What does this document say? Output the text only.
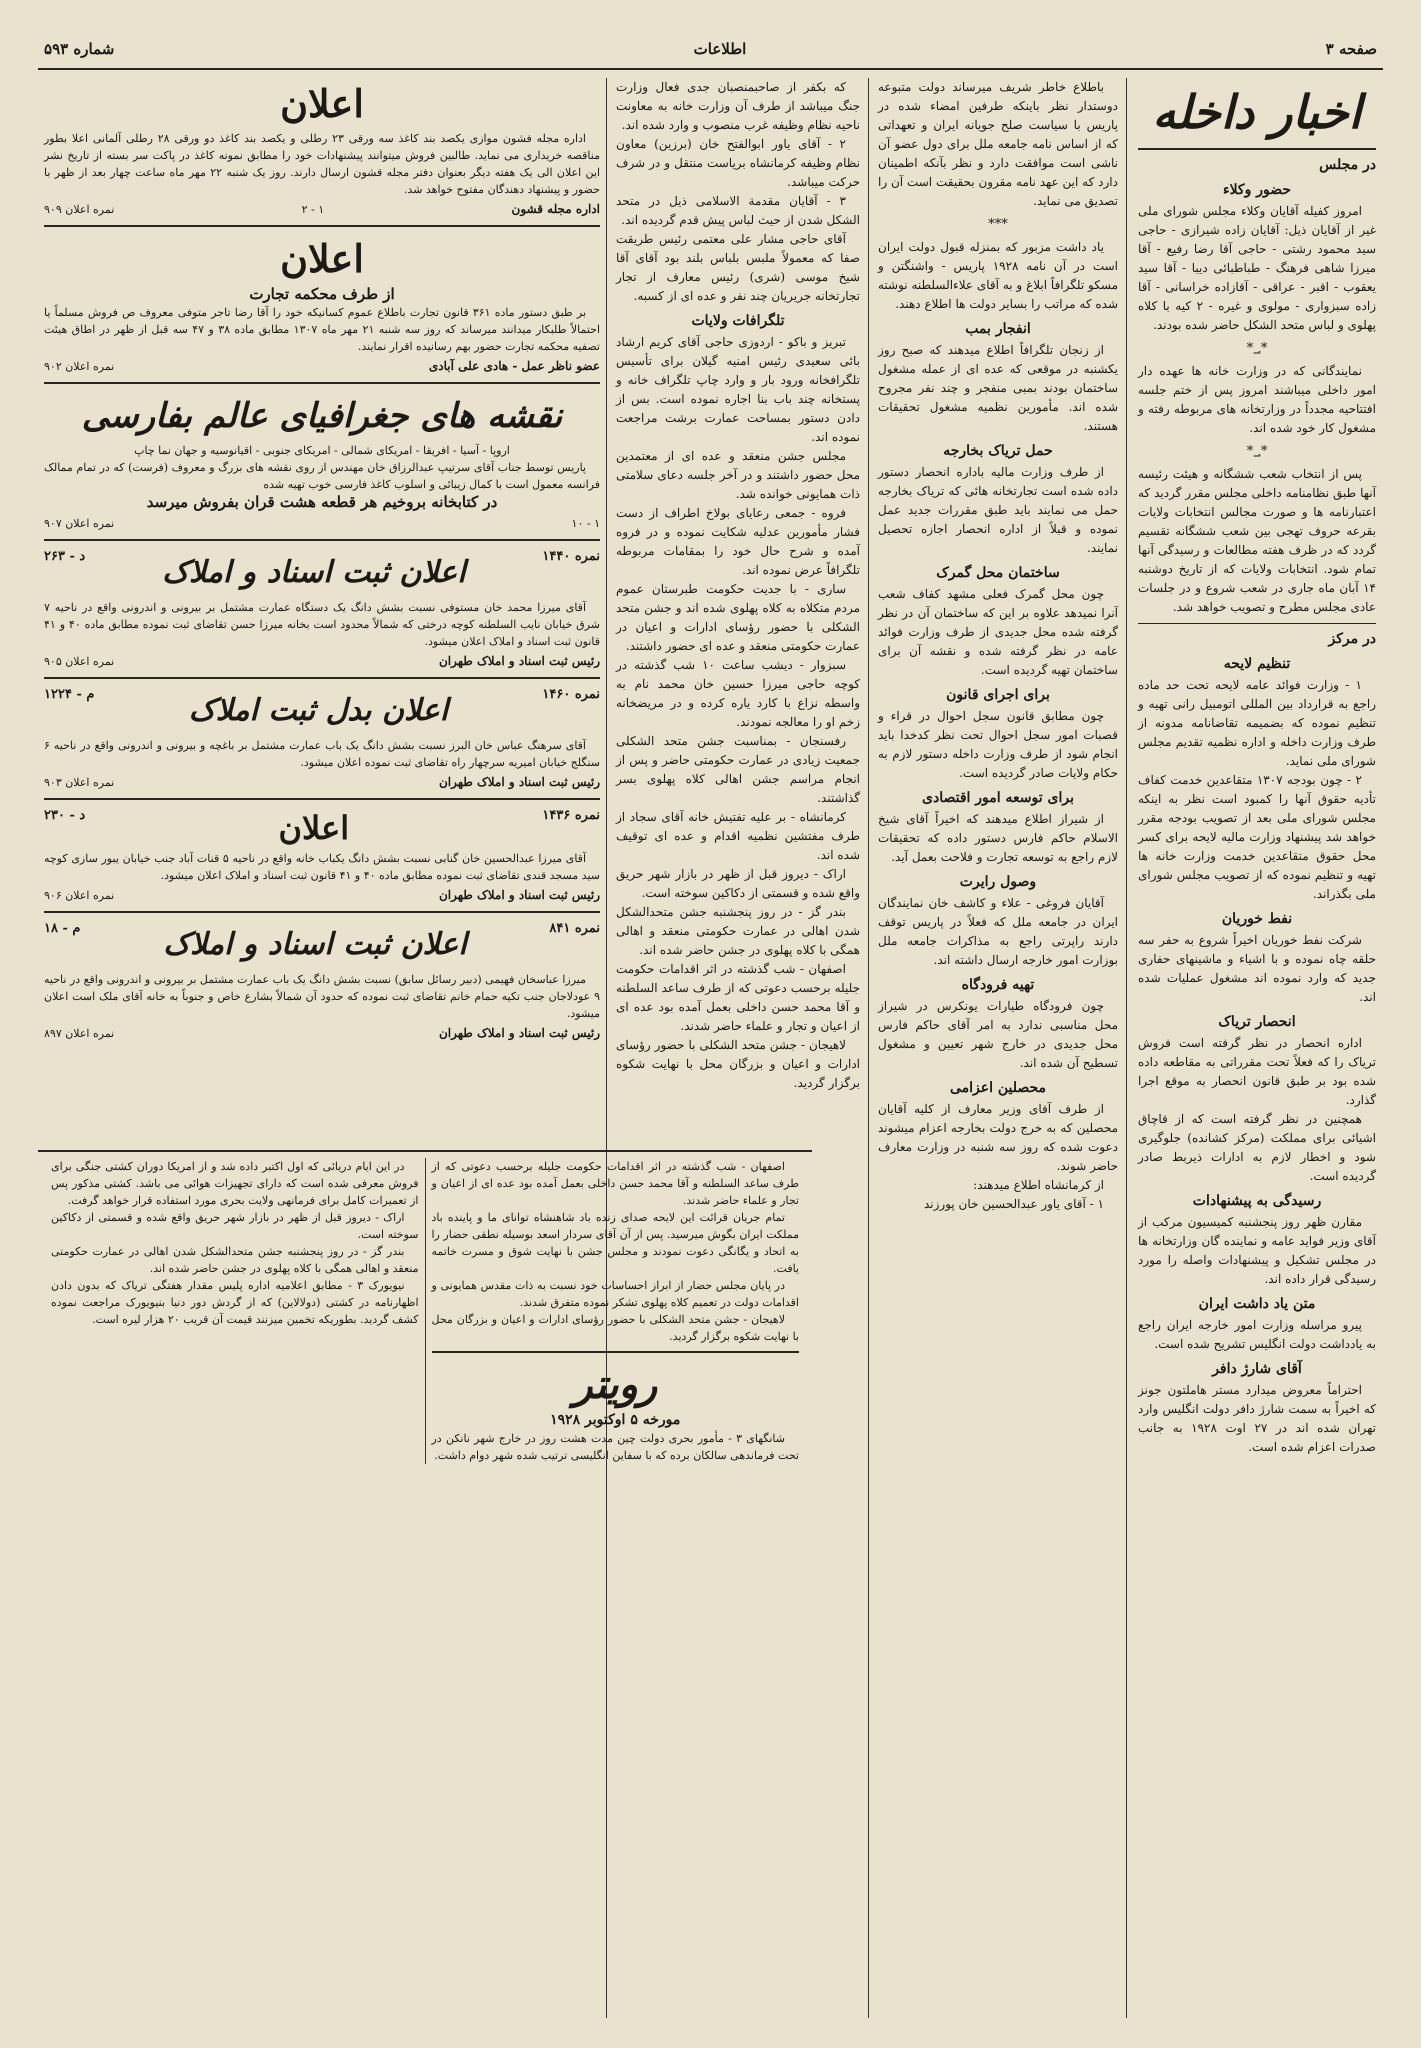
صفحه ۳
اطلاعات
شماره ۵۹۳
اخبار داخله
در مجلس
حضور وکلاء
امروز کفیله آقایان وکلاء مجلس شورای ملی غیر از آقایان ذیل: آقایان زاده شیرازی - حاجی سید محمود رشتی - حاجی آقا رضا رفیع - آقا میرزا شاهی فرهنگ - طباطبائی دیبا - آقا سید یعقوب - اقبر - عراقی - آقازاده خراسانی - آقا زاده سبزواری - مولوی و غیره - ۲ کیه با کلاه پهلوی و لباس متحد الشکل حاضر شده بودند.
*؀*
نمایندگانی که در وزارت خانه ها عهده دار امور داخلی میباشند امروز پس از ختم جلسه افتتاحیه مجدداً در وزارتخانه های مربوطه رفته و مشغول کار خود شده اند.
*؀*
پس از انتخاب شعب ششگانه و هیئت رئیسه آنها طبق نظامنامه داخلی مجلس مقرر گردید که اعتبارنامه ها و صورت مجالس انتخابات ولایات بقرعه حروف تهجی بین شعب ششگانه تقسیم گردد که در ظرف هفته مطالعات و رسیدگی آنها تمام شود. انتخابات ولایات که از تاریخ دوشنبه ۱۴ آبان ماه جاری در شعب شروع و در جلسات عادی مجلس مطرح و تصویب خواهد شد.
در مرکز
تنظیم لایحه
۱ - وزارت فوائد عامه لایحه تحت حد ماده راجع به قرارداد بین المللی اتومبیل رانی تهیه و تنظیم نموده که بضمیمه تقاضانامه مدونه از طرف وزارت داخله و اداره نظمیه تقدیم مجلس شورای ملی نماید.
۲ - چون بودجه ۱۳۰۷ متقاعدین خدمت کفاف تأدیه حقوق آنها را کمبود است نظر به اینکه مجلس شورای ملی بعد از تصویب بودجه مقرر خواهد شد پیشنهاد وزارت مالیه لایحه برای کسر محل حقوق متقاعدین خدمت وزارت خانه ها تهیه و تنظیم نموده که از تصویب مجلس شورای ملی بگذراند.
نفط خوریان
شرکت نفط خوریان اخیراً شروع به حفر سه حلقه چاه نموده و با اشیاء و ماشینهای حفاری جدید که وارد نموده اند مشغول عملیات شده اند.
انحصار تریاک
اداره انحصار در نظر گرفته است فروش تریاک را که فعلاً تحت مقرراتی به مقاطعه داده شده بود بر طبق قانون انحصار به موقع اجرا گذارد.
همچنین در نظر گرفته است که از قاچاق اشیائی برای مملکت (مرکز کشانده) جلوگیری شود و اخطار لازم به ادارات ذیربط صادر گردیده است.
رسیدگی به پیشنهادات
مقارن ظهر روز پنجشنبه کمیسیون مرکب از آقای وزیر فواید عامه و نماینده گان وزارتخانه ها در مجلس تشکیل و پیشنهادات واصله را مورد رسیدگی قرار داده اند.
متن یاد داشت ایران
پیرو مراسله وزارت امور خارجه ایران راجع به یادداشت دولت انگلیس تشریح شده است.
آقای شارژ دافر
احتراماً معروض میدارد مستر هاملتون جونز که اخیراً به سمت شارژ دافر دولت انگلیس وارد تهران شده اند در ۲۷ اوت ۱۹۲۸ به جانب صدرات اعزام شده است.
باطلاع خاطر شریف میرساند دولت متبوعه دوستدار نظر باینکه طرفین امضاء شده در پاریس با سیاست صلح جویانه ایران و تعهداتی که از اساس نامه جامعه ملل برای دول عضو آن ناشی است موافقت دارد و نظر بآنکه اطمینان دارد که این عهد نامه مقرون بحقیقت است آن را تصدیق می نماید.
***
یاد داشت مزبور که بمنزله قبول دولت ایران است در آن نامه ۱۹۲۸ پاریس - واشنگتن و مسکو تلگرافاً ابلاغ و به آقای علاءالسلطنه نوشته شده که مراتب را بسایر دولت ها اطلاع دهند.
انفجار بمب
از زنجان تلگرافاً اطلاع میدهند که صبح روز یکشنبه در موقعی که عده ای از عمله مشغول ساختمان بودند بمبی منفجر و چند نفر مجروح شده اند. مأمورین نظمیه مشغول تحقیقات هستند.
حمل تریاک بخارجه
از طرف وزارت مالیه باداره انحصار دستور داده شده است تجارتخانه هائی که تریاک بخارجه حمل می نمایند باید طبق مقررات جدید عمل نموده و قبلاً از اداره انحصار اجازه تحصیل نمایند.
ساختمان محل گمرک
چون محل گمرک فعلی مشهد کفاف شعب آنرا نمیدهد علاوه بر این که ساختمان آن در نظر گرفته شده محل جدیدی از طرف وزارت فوائد عامه در نظر گرفته شده و نقشه آن برای ساختمان تهیه گردیده است.
برای اجرای قانون
چون مطابق قانون سجل احوال در قراء و قصبات امور سجل احوال تحت نظر کدخدا باید انجام شود از طرف وزارت داخله دستور لازم به حکام ولایات صادر گردیده است.
برای توسعه امور اقتصادی
از شیراز اطلاع میدهند که اخیراً آقای شیخ الاسلام حاکم فارس دستور داده که تحقیقات لازم راجع به توسعه تجارت و فلاحت بعمل آید.
وصول رایرت
آقایان فروغی - علاء و کاشف خان نمایندگان ایران در جامعه ملل که فعلاً در پاریس توقف دارند راپرتی راجع به مذاکرات جامعه ملل بوزارت امور خارجه ارسال داشته اند.
تهیه فرودگاه
چون فرودگاه طیارات یونکرس در شیراز محل مناسبی ندارد به امر آقای حاکم فارس محل جدیدی در خارج شهر تعیین و مشغول تسطیح آن شده اند.
محصلین اعزامی
از طرف آقای وزیر معارف از کلیه آقایان محصلین که به خرج دولت بخارجه اعزام میشوند دعوت شده که روز سه شنبه در وزارت معارف حاضر شوند.
از کرمانشاه اطلاع میدهند:
۱ - آقای یاور عبدالحسین خان پورزند
که بکفر از صاحبمنصبان جدی فعال وزارت جنگ میباشد از طرف آن وزارت خانه به معاونت ناحیه نظام وظیفه غرب منصوب و وارد شده اند.
۲ - آقای یاور ابوالفتح خان (برزین) معاون نظام وظیفه کرمانشاه بریاست منتقل و در شرف حرکت میباشد.
۳ - آقایان مقدمة الاسلامی ذیل در متحد الشکل شدن از حیث لباس پیش قدم گردیده اند.
آقای حاجی مشار علی معتمی رئیس طریقت صفا که معمولاً ملبس بلباس بلند بود آقای آقا شیخ موسی (شری) رئیس معارف از تجار تجارتخانه جریریان چند نفر و عده ای از کسبه.
تلگرافات ولایات
تبریز و باکو - اردوزی حاجی آقای کریم ارشاد بائی سعیدی رئیس امنیه گیلان برای تأسیس تلگرافخانه ورود بار و وارد چاپ تلگراف خانه و پستخانه چند باب بنا اجاره نموده است. بس از دادن دستور بمساحت عمارت برشت مراجعت نموده اند.
مجلس جشن منعقد و عده ای از معتمدین محل حضور داشتند و در آخر جلسه دعای سلامتی ذات همایونی خوانده شد.
فروه - جمعی رعایای بولاخ اطراف از دست فشار مأمورین عدلیه شکایت نموده و در فروه آمده و شرح حال خود را بمقامات مربوطه تلگرافاً عرض نموده اند.
ساری - با جدیت حکومت طبرستان عموم مردم متکلاه به کلاه پهلوی شده اند و جشن متحد الشکلی با حضور رؤسای ادارات و اعیان در عمارت حکومتی منعقد و عده ای حضور داشتند.
سبزوار - دیشب ساعت ۱۰ شب گذشته در کوچه حاجی میرزا حسین خان محمد نام به واسطه نزاع با کارد یاره کرده و در مریضخانه زخم او را معالجه نمودند.
رفسنجان - بمناسبت جشن متحد الشکلی جمعیت زیادی در عمارت حکومتی حاضر و پس از انجام مراسم جشن اهالی کلاه پهلوی بسر گذاشتند.
کرمانشاه - بر علیه تفتیش خانه آقای سجاد از طرف مفتشین نظمیه اقدام و عده ای توقیف شده اند.
اراک - دیروز قبل از ظهر در بازار شهر حریق واقع شده و قسمتی از دکاکین سوخته است.
بندر گز - در روز پنجشنبه جشن متحدالشکل شدن اهالی در عمارت حکومتی منعقد و اهالی همگی با کلاه پهلوی در جشن حاضر شده اند.
اصفهان - شب گذشته در اثر اقدامات حکومت جلیله برحسب دعوتی که از طرف ساعد السلطنه و آقا محمد حسن داخلی بعمل آمده بود عده ای از اعیان و تجار و علماء حاضر شدند.
لاهیجان - جشن متحد الشکلی با حضور رؤسای ادارات و اعیان و بزرگان محل با نهایت شکوه برگزار گردید.
اعلان
اداره مجله فشون موازی یکصد بند کاغذ سه ورقی ۲۳ رطلی و یکصد بند کاغذ دو ورقی ۲۸ رطلی آلمانی اعلا بطور مناقصه خریداری می نماید. طالبین فروش میتوانند پیشنهادات خود را مطابق نمونه کاغذ در پاکت سر بسته از تاریخ نشر این اعلان الی یک هفته دیگر بعنوان دفتر مجله قشون ارسال دارند. روز یک شنبه ۲۲ مهر ماه ساعت چهار بعد از ظهر با حضور و پیشنهاد دهندگان مفتوح خواهد شد.
اداره مجله قشون
۱ - ۲
نمره اعلان ۹۰۹
اعلان
از طرف محکمه تجارت
بر طبق دستور ماده ۳۶۱ قانون تجارت باطلاع عموم کسانیکه خود را آقا رضا تاجر متوفی معروف ص فروش مسلماً یا احتمالاً طلبکار میدانند میرساند که روز سه شنبه ۲۱ مهر ماه ۱۳۰۷ مطابق ماده ۳۸ و ۴۷ سه قبل از ظهر در اطاق هیئت تصفیه محکمه تجارت حضور بهم رسانیده اقرار نمایند.
عضو ناظر عمل - هادی علی آبادی
نمره اعلان ۹۰۲
نقشه های جغرافیای عالم بفارسی
اروپا - آسیا - افریقا - امریکای شمالی - امریکای جنوبی - اقیانوسیه و جهان نما چاپ
پاریس توسط جناب آقای سرتیپ عبدالرزاق خان مهندس از روی نقشه های بزرگ و معروف (فرست) که در تمام ممالک فرانسه معمول است با کمال زیبائی و اسلوب کاغذ فارسی خوب تهیه شده
در کتابخانه بروخیم هر قطعه هشت قران بفروش میرسد
۱ - ۱۰
نمره اعلان ۹۰۷
نمره ۱۴۴۰
اعلان ثبت اسناد و املاک
د - ۲۶۳
آقای میرزا محمد خان مستوفی نسبت بشش دانگ یک دستگاه عمارت مشتمل بر بیرونی و اندرونی واقع در ناحیه ۷ شرق خیابان نایب السلطنه کوچه درختی که شمالاً محدود است بخانه میرزا حسن تقاضای ثبت نموده مطابق ماده ۴۰ و ۴۱ قانون ثبت اسناد و املاک اعلان میشود.
رئیس ثبت اسناد و املاک طهران
نمره اعلان ۹۰۵
نمره ۱۴۶۰
اعلان بدل ثبت املاک
م - ۱۲۲۴
آقای سرهنگ عباس خان البرز نسبت بشش دانگ یک باب عمارت مشتمل بر باغچه و بیرونی و اندرونی واقع در ناحیه ۶ سنگلج خیابان امیریه سرچهار راه تقاضای ثبت نموده اعلان میشود.
رئیس ثبت اسناد و املاک طهران
نمره اعلان ۹۰۳
نمره ۱۴۳۶
اعلان
د - ۲۳۰
آقای میرزا عبدالحسین خان گنابی نسبت بشش دانگ یکباب خانه واقع در ناحیه ۵ قنات آباد جنب خیابان یبور سازی کوچه سید مسجد قندی تقاضای ثبت نموده مطابق ماده ۴۰ و ۴۱ قانون ثبت اسناد و املاک اعلان میشود.
رئیس ثبت اسناد و املاک طهران
نمره اعلان ۹۰۶
نمره ۸۴۱
اعلان ثبت اسناد و املاک
م - ۱۸
میرزا عباسخان فهیمی (دبیر رسائل سابق) نسبت بشش دانگ یک باب عمارت مشتمل بر بیرونی و اندرونی واقع در ناحیه ۹ عودلاجان جنب تکیه حمام خانم تقاضای ثبت نموده که حدود آن شمالاً بشارع خاص و جنوباً به خانه آقای ملک است اعلان میشود.
رئیس ثبت اسناد و املاک طهران
نمره اعلان ۸۹۷
اصفهان - شب گذشته در اثر اقدامات حکومت جلیله برحسب دعوتی که از طرف ساعد السلطنه و آقا محمد حسن داخلی بعمل آمده بود عده ای از اعیان و تجار و علماء حاضر شدند.
تمام جریان قرائت این لایحه صدای زنده باد شاهنشاه توانای ما و پاینده باد مملکت ایران بگوش میرسید. پس از آن آقای سردار اسعد بوسیله نطقی حضار را به اتحاد و یگانگی دعوت نمودند و مجلس جشن با نهایت شوق و مسرت خاتمه یافت.
در پایان مجلس حضار از ابراز احساسات خود نسبت به ذات مقدس همایونی و اقدامات دولت در تعمیم کلاه پهلوی تشکر نموده متفرق شدند.
لاهیجان - جشن متحد الشکلی با حضور رؤسای ادارات و اعیان و بزرگان محل با نهایت شکوه برگزار گردید.
رویتر
مورخه ۵ اوکتوبر ۱۹۲۸
شانگهای ۳ - مأمور بحری دولت چین مدت هشت روز در خارج شهر نانکن در تحت فرماندهی سالکان برده که با سفاین انگلیسی ترتیب شده شهر دوام داشت.
در این ایام دریائی که اول اکتبر داده شد و از امریکا دوران کشتی جنگی برای فروش معرفی شده است که دارای تجهیزات هوائی می باشد. کشتی مذکور پس از تعمیرات کامل برای فرمانهی ولایت بحری مورد استفاده قرار خواهد گرفت.
اراک - دیروز قبل از ظهر در بازار شهر حریق واقع شده و قسمتی از دکاکین سوخته است.
بندر گز - در روز پنجشنبه جشن متحدالشکل شدن اهالی در عمارت حکومتی منعقد و اهالی همگی با کلاه پهلوی در جشن حاضر شده اند.
نیویورک ۳ - مطابق اعلامیه اداره پلیس مقدار هفتگی تریاک که بدون دادن اظهارنامه در کشتی (دولالاین) که از گردش دور دنیا بنیویورک مراجعت نموده کشف گردید. بطوریکه تخمین میزنند قیمت آن قریب ۲۰ هزار لیره است.
